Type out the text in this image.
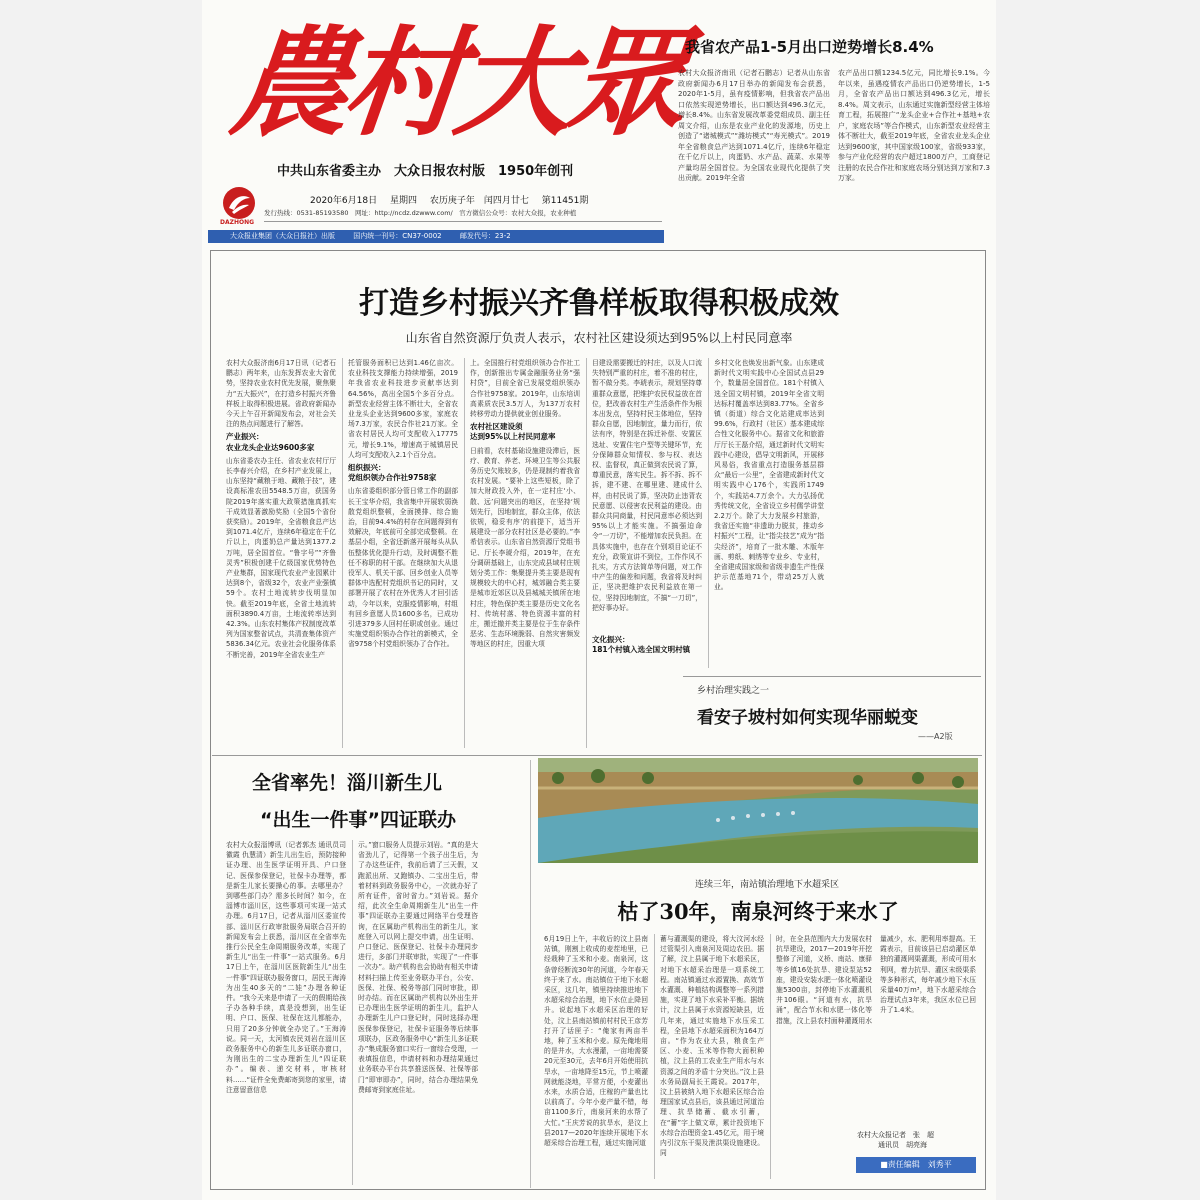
農村大眾
中共山东省委主办　大众日报农村版　1950年创刊
DAZHONG
2020年6月18日 星期四 农历庚子年　闰四月廿七 第11451期
发行热线：0531-85193580　网址：http://ncdz.dzwww.com/　官方微信公众号：农村大众报，农业种植
大众报业集团（大众日报社）出版	国内统一刊号：CN37-0002	邮发代号：23-2
我省农产品1-5月出口逆势增长8.4%
农村大众报济南讯（记者石鹏志）记者从山东省政府新闻办6月17日举办的新闻发布会获悉，2020年1-5月，虽有疫情影响，但我省农产品出口依然实现逆势增长，出口额达到496.3亿元，增长8.4%。山东省发展改革委党组成员、副主任周文介绍，山东是农业产业化的发源地，历史上创造了“诸城模式”“潍坊模式”“寿光模式”。2019年全省粮食总产达到1071.4亿斤，连续6年稳定在千亿斤以上，肉蛋奶、水产品、蔬菜、水果等产量均居全国首位。为全国农业现代化提供了突出贡献。2019年全省
农产品出口额1234.5亿元，同比增长9.1%。今年以来，虽遇疫情农产品出口仍逆势增长，1-5月，全省农产品出口额达到496.3亿元，增长8.4%。周文表示，山东通过实施新型经营主体培育工程，拓展推广“龙头企业+合作社+基地+农户，家庭农场”等合作模式，山东新型农业经营主体不断壮大，截至2019年底，全省农业龙头企业达到9600家，其中国家级100家，省级933家，参与产业化经营的农户超过1800万户，工商登记注册的农民合作社和家庭农场分别达到万家和7.3万家。
打造乡村振兴齐鲁样板取得积极成效
山东省自然资源厅负责人表示，农村社区建设须达到95%以上村民同意率
农村大众报济南6月17日讯（记者石鹏志）两年来，山东发挥农业大省优势，坚持农业农村优先发展，聚焦聚力“五大振兴”，在打造乡村振兴齐鲁样板上取得积极进展。省政府新闻办今天上午召开新闻发布会，对社会关注的热点问题进行了解答。
产业振兴：
农业龙头企业达9600多家
山东省委农办主任、省农业农村厅厅长李春兴介绍，在乡村产业发展上，山东坚持“藏粮于地、藏粮于技”，建设高标准农田5548.5万亩，获国务院2019年落实重大政策措施真抓实干成效显著激励奖励（全国5个省份获奖励）。2019年，全省粮食总产达到1071.4亿斤，连续6年稳定在千亿斤以上，肉蛋奶总产量达到1377.2万吨，居全国首位。“鲁字号”“齐鲁灵秀”积极创建千亿级国家优势特色产业集群，国家现代农业产业园累计达到8个，省级32个，农业产业强镇59个。农村土地流转步伐明显加快。截至2019年底，全省土地流转面积3890.4万亩，土地流转率达到42.3%。山东农村集体产权制度改革列为国家整省试点，共清查集体资产5836.34亿元。农业社会化服务体系不断完善，2019年全省农业生产
托管服务面积已达到1.46亿亩次。农业科技支撑能力持续增强，2019年我省农业科技进步贡献率达到64.56%，高出全国5个多百分点。新型农业经营主体不断壮大，全省农业龙头企业达到9600多家，家庭农场7.3万家，农民合作社21万家。全省农村居民人均可支配收入17775元，增长9.1%，增速高于城镇居民人均可支配收入2.1个百分点。
组织振兴：
党组织领办合作社9758家
山东省委组织部分管日常工作的副部长王宝华介绍，我省集中开展软弱涣散党组织整顿，全面摸排、综合施治，目前94.4%的村存在问题得到有效解决，年底前可全部完成整顿。在基层小组，全省还新落开展每头从队伍整体优化提升行动，及时调整不胜任不称职的村干部。在继续加大从退役军人、机关干部、回乡创业人员等群体中选配村党组织书记的同时，又部署开展了农村在外优秀人才回引活动，今年以来，克服疫情影响，村组有回乡意愿人员1600多名，已成功引进379多人回村任职或创业。通过实施党组织领办合作社的新模式，全省9758个村党组织领办了合作社。
上。全国推行村党组织领办合作社工作，创新推出专属金融服务业务“强村贷”，目前全省已发展党组织领办合作社9758家。2019年，山东培训高素质农民3.5万人，为137万农村转移劳动力提供就业创业服务。
农村社区建设须
达到95%以上村民同意率
日前看，农村基础设施建设滞后，医疗、教育、养老、环境卫生等公共服务历史欠账较多，仍是现制约着我省农村发展。“要补上这些短板，除了加大财政投入外，在一定村庄‘小、散、远’问题突出的地区，在坚持‘规划先行，因地制宜，群众主体，依法依规，稳妥有序’的前提下，适当开展建设一部分农村社区是必要的。”李希信表示。山东省自然资源厅党组书记、厅长李琥介绍，2019年，在充分调研基础上，山东完成县域村庄规划分类工作：集聚提升类主要是现有规模较大的中心村，城郊融合类主要是城市近郊区以及县城城关镇所在地村庄，特色保护类主要是历史文化名村、传统村落、特色资源丰富的村庄，搬迁撤并类主要是位于生存条件恶劣、生态环境脆弱、自然灾害频发等地区的村庄，因重大项
目建设需要搬迁的村庄，以及人口流失特别严重的村庄，着不准的村庄，暂不做分类。李琥表示，规划坚持尊重群众意愿，把维护农民权益放在首位，把改善农村生产生活条件作为根本出发点，坚持村民主体地位，坚持群众自愿，因地制宜，量力而行，依法有序，特别是在拆迁补偿、安置区选址、安置住宅户型等关键环节，充分保障群众知情权、参与权、表达权、监督权，真正做到农民说了算，尊重民意，落实民生。拆不拆、拆不拆，建不建、在哪里建、建成什么样，由村民说了算，坚决防止违背农民意愿、以侵害农民利益的建设。由群众共同商量，村民同意率必须达到95%以上才能实施。不搞强迫命令“一刀切”，不能增加农民负担。在具体实施中，也存在个别项目论证不充分，政策宣讲不到位，工作作风不扎实，方式方法简单等问题，对工作中产生的偏差和问题，我省将及时纠正，坚决把维护农民利益放在第一位，坚持因地制宜，不搞“一刀切”，把好事办好。
文化振兴：
181个村镇入选全国文明村镇
乡村文化也焕发出新气象。山东建成新时代文明实践中心全国试点县29个，数量居全国首位。181个村镇入选全国文明村镇，2019年全省文明达标村覆盖率达到83.77%。全省乡镇（街道）综合文化站建成率达到99.6%，行政村（社区）基本建成综合性文化服务中心。据省文化和旅游厅厅长王磊介绍，通过新时代文明实践中心建设，倡导文明新风，开展移风易俗，我省重点打造服务基层群众“最后一公里”，全省建成新时代文明实践中心176个，实践所1749个，实践站4.7万余个。大力弘扬优秀传统文化，全省设立乡村儒学讲堂2.2万个。除了大力发展乡村旅游，我省还实施“非遗助力脱贫，推动乡村振兴”工程，让“指尖技艺”成为“指尖经济”，培育了一批木雕、木版年画、剪纸、刺绣等专业乡、专业村，全省建成国家级和省级非遗生产性保护示范基地71个，带动25万人就业。
乡村治理实践之一
看安子坡村如何实现华丽蜕变
——A2版
全省率先！淄川新生儿
“出生一件事”四证联办
农村大众报淄博讯（记者郭杰 通讯员司徽霞 仇慧清）新生儿出生后，预防接种证办理、出生医学证明开具、户口登记、医保参保登记，社保卡办理等，都是新生儿家长要操心的事。去哪里办？到哪些部门办？需多长时间？如今，在淄博市淄川区，这些事项可实现一站式办理。6月17日，记者从淄川区委宣传部、淄川区行政审批服务局联合召开的新闻发布会上获悉，淄川区在全省率先推行公民全生命周期服务改革，实现了新生儿“出生一件事”一站式服务。6月17日上午，在淄川区医院新生儿“出生一件事”四证联办服务窗口，居民王海涛为出生40多天的“二娃”办理各种证件。“我今天来是申请了一天的假期给孩子办各种手续，真是没想到，出生证明、户口、医保、社保在这儿都能办，只用了20多分钟就全办完了。”王海涛说。同一天，太河镇农民刘岩在淄川区政务服务中心的新生儿多证联办窗口，为刚出生的二宝办理新生儿“四证联办”。编表、递交材料，审核材料……“证件全免费邮寄到您的家里，请注意留意信息
示。”窗口服务人员提示刘岩。“真的是大省劲儿了，记得第一个孩子出生后，为了办这些证件，我前后请了三天假，又跑派出所、又跑镇办、二宝出生后，带着材料到政务服务中心，一次就办好了所有证件，省时省力。”刘岩说。据介绍，此次全生命周期新生儿“出生一件事”四证联办主要通过网络平台受理咨询，在区属助产机构出生的新生儿，家庭登入可以网上提交申请，出生证明、户口登记、医保登记、社保卡办理同步进行，多部门并联审批，实现了“一件事一次办”。助产机构也会协助有相关申请材料扫描上传至业务联办平台，公安、医保、社保、税务等部门同时审批，即时办结。而在区属助产机构以外出生并已办理出生医学证明的新生儿，监护人办理新生儿户口登记时，同时选择办理医保参保登记，社保卡证服务等后续事项联办，区政务服务中心“新生儿多证联办”集成服务窗口实行一窗综合受理，一表填报信息，申请材料和办理结果通过业务联办平台共享推送医保、社保等部门“即审即办”，同时，结合办理结果免费邮寄到家庭住址。
连续三年，南站镇治理地下水超采区
枯了30年，南泉河终于来水了
6月19日上午，丰收后的汶上县南站镇，刚割上收成的麦茬地里，已经栽种了玉米和小麦。南泉河，这条曾经断流30年的河道，今年春天终于来了水。南站镇位于地下水超采区，这几年，镇里持续推进地下水超采综合治理，地下水位止降回升。说起地下水超采区治理的好处，汶上县南站镇前村村民王彦芳打开了话匣子：“俺家有两亩半地，种了玉米和小麦。原先俺地用的是井水，大水漫灌，一亩地需要20元至30元，去年6月开始使用抗旱水，一亩地降至15元，节上喷灌网就能浇地，平常方便，小麦灌出水来，水质合适，庄稼的产量也比以前高了。今年小麦产量不错，每亩1100多斤，南泉河来的水帮了大忙。”王庆芳说的抗旱水，是汶上县2017—2020年连续开展地下水超采综合治理工程，通过实施河道
蓄与灌溉渠的建设，将大汶河水经过管渠引入南泉河及周边农田。据了解，汶上县属于地下水超采区，对地下水超采治理是一项系统工程。南站镇通过水源置换、高效节水灌溉、种植结构调整等一系列措施，实现了地下水采补平衡。据统计，汶上县属于水资源短缺县，近几年来，通过实施地下水压采工程，全县地下水超采面积为164万亩。“作为农业大县，粮食生产区、小麦、玉米等作物大面积种植，汶上县的工农业生产用水与水资源之间的矛盾十分突出。”汶上县水务局副局长王霞说。2017年，汶上县被纳入地下水超采区综合治理国家试点县后，该县通过河道治理、抗旱储蓄、截水引蓄，在“蓄”字上做文章，累计投资地下水综合治理资金1.45亿元，用于境内引汶东干渠及泄洪渠设施建设。同
时，在全县范围内大力发展农村抗旱建设，2017—2019年开挖整修了河道，义桥、南站、康驿等乡镇16处抗旱、建设泵站52座，建设安装水肥一体化喷灌设施5300亩，封停地下水灌溉机井106眼。“河道有水，抗旱涌”，配合节水和水肥一体化等措施，汶上县农村面种灌溉用水量减少，水、肥利用率提高。王霞表示，目前该县已启动灌区单独的灌溉网渠灌溉，形成可用水利网，着力抗旱、灌区末级渠系等多种形式，每年减少地下水压采量40万m³，地下水超采综合治理试点3年来，我区水位已回升了1.4米。
农村大众报记者　张　超
　　　通讯员　胡亮海
■责任编辑　刘秀平
